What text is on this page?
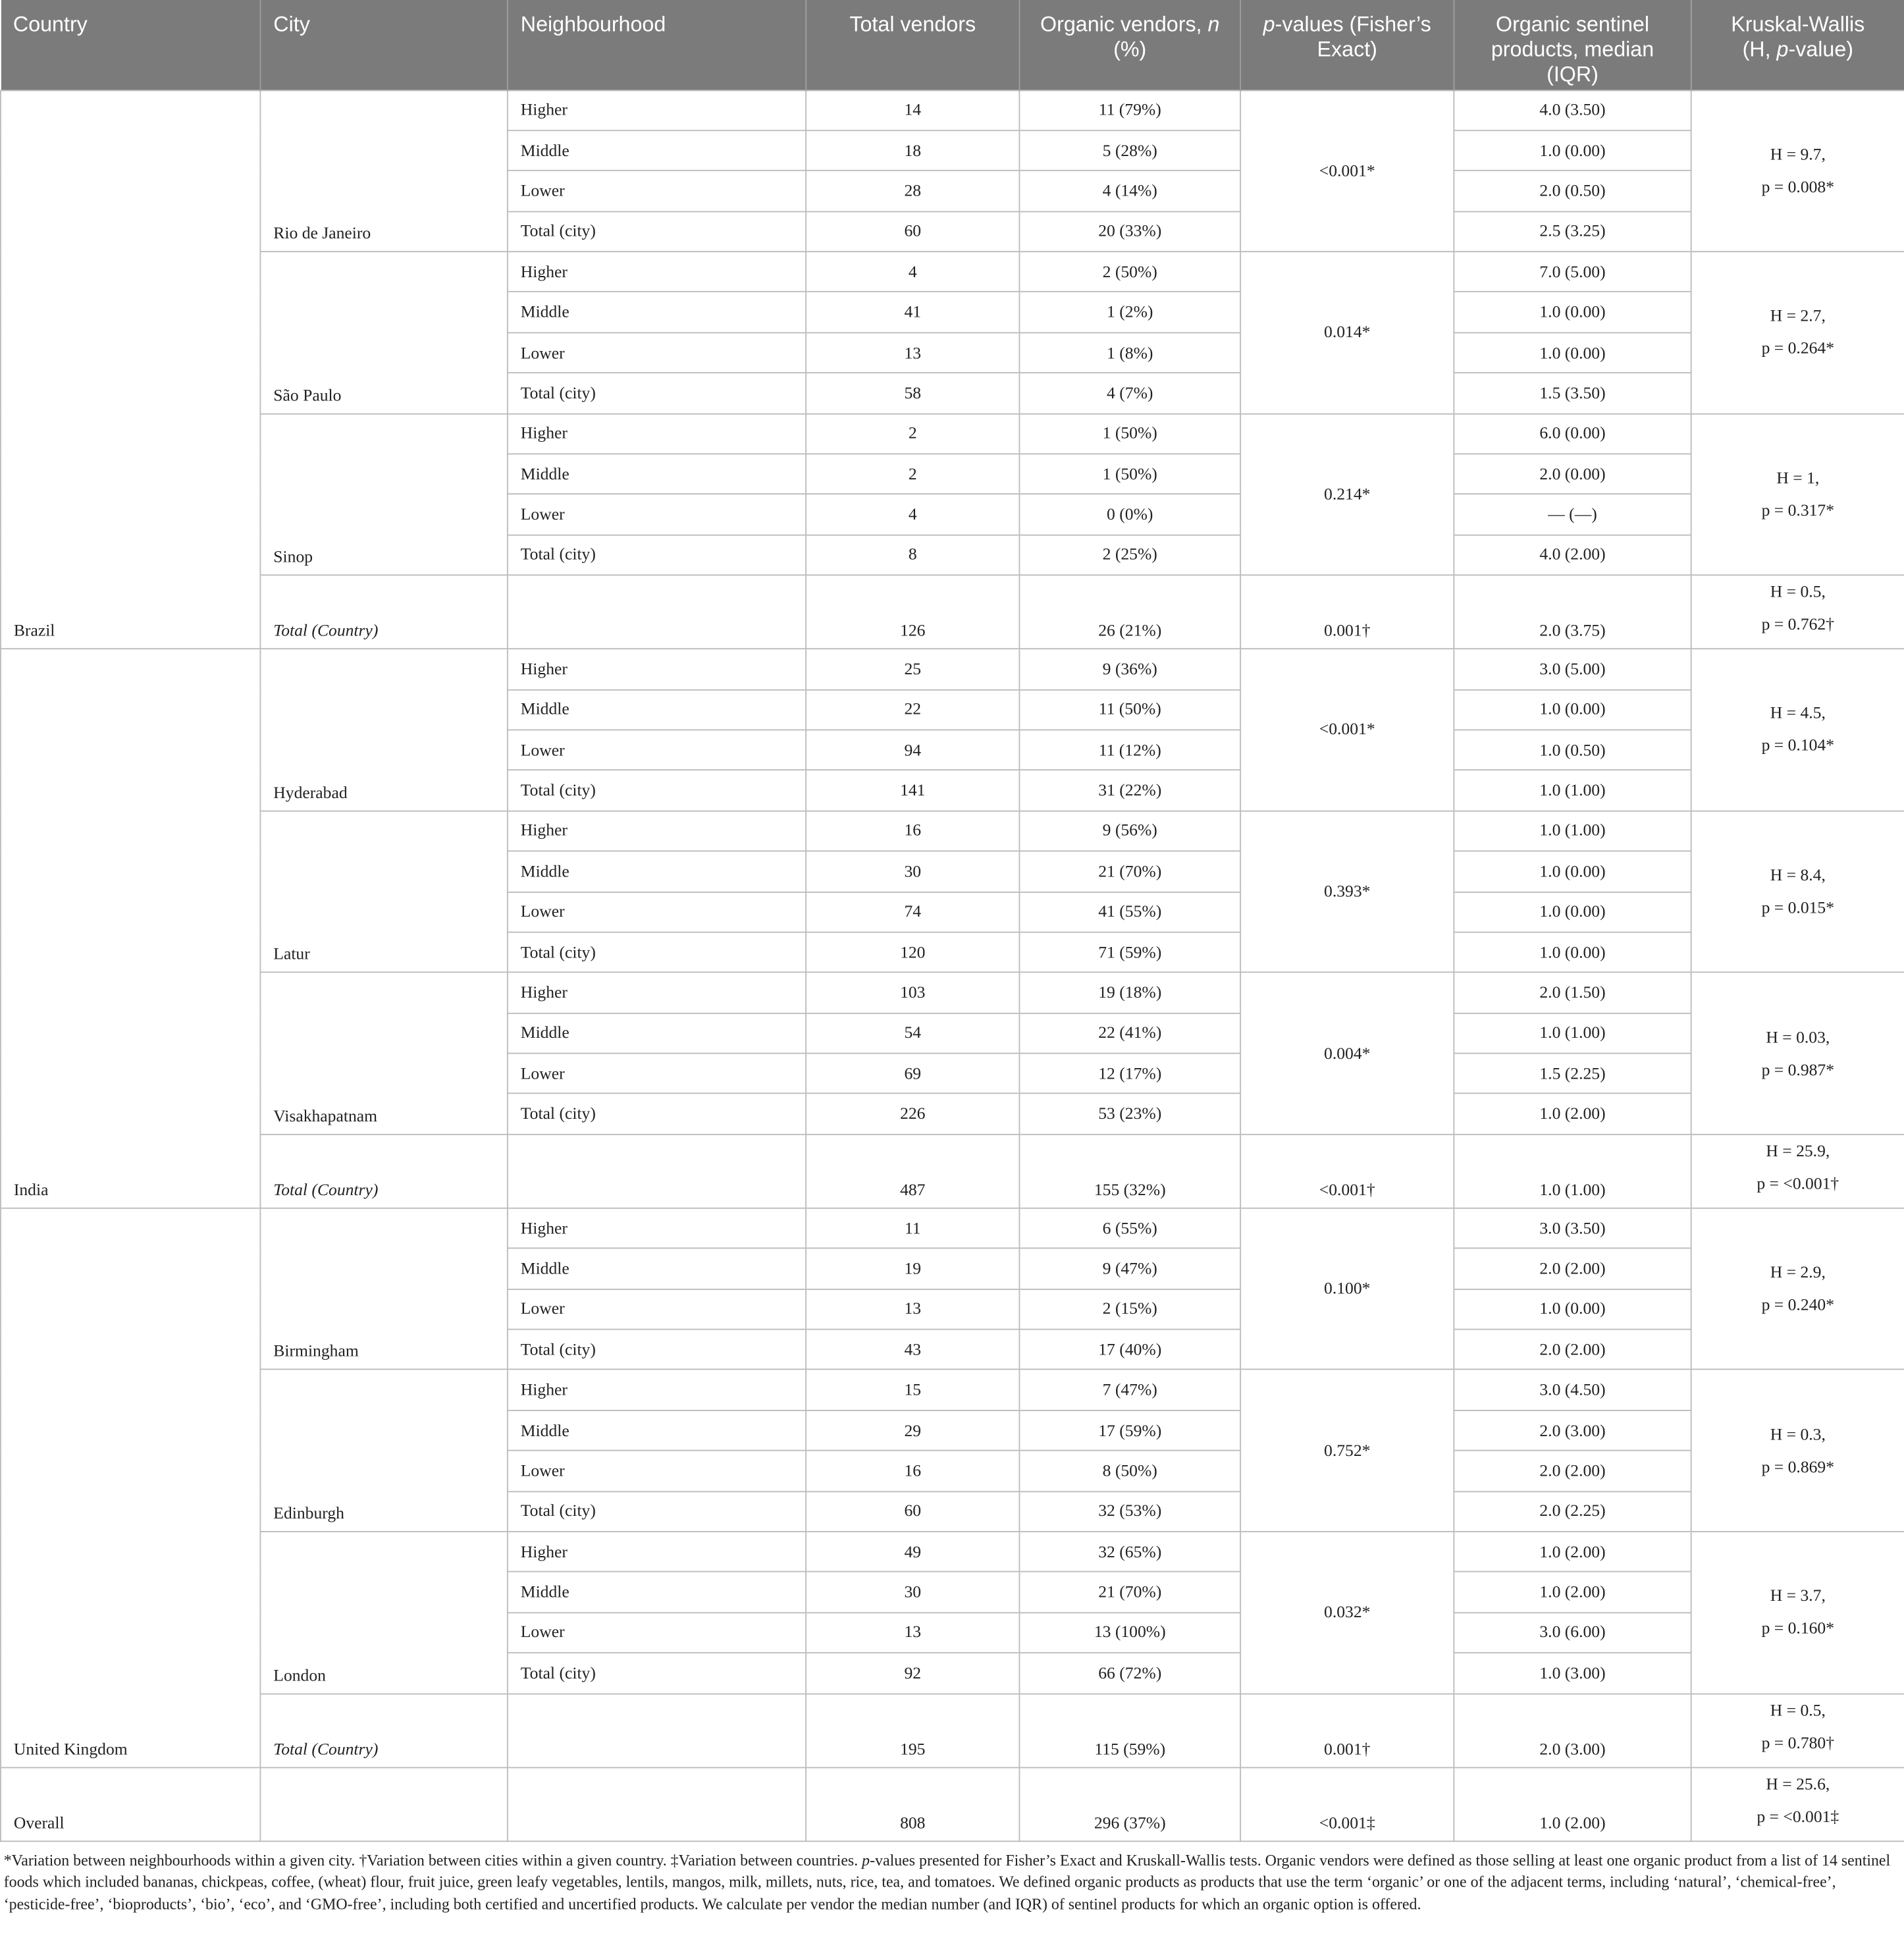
Country	City	Neighbourhood	Total vendors	Organic vendors, n (%)	p-values (Fisher’s Exact)	Organic sentinel products, median (IQR)	Kruskal-Wallis
(H, p-value)
Brazil	Rio de Janeiro	Higher	14	11 (79%)	<0.001*	4.0 (3.50)	H = 9.7,
p = 0.008*
		Middle	18	5 (28%)		1.0 (0.00)	
		Lower	28	4 (14%)		2.0 (0.50)	
		Total (city)	60	20 (33%)		2.5 (3.25)	
	São Paulo	Higher	4	2 (50%)	0.014*	7.0 (5.00)	H = 2.7,
p = 0.264*
		Middle	41	1 (2%)		1.0 (0.00)	
		Lower	13	1 (8%)		1.0 (0.00)	
		Total (city)	58	4 (7%)		1.5 (3.50)	
	Sinop	Higher	2	1 (50%)	0.214*	6.0 (0.00)	H = 1,
p = 0.317*
		Middle	2	1 (50%)		2.0 (0.00)	
		Lower	4	0 (0%)		— (—)	
		Total (city)	8	2 (25%)		4.0 (2.00)	
	Total (Country)		126	26 (21%)	0.001†	2.0 (3.75)	H = 0.5,
p = 0.762†
India	Hyderabad	Higher	25	9 (36%)	<0.001*	3.0 (5.00)	H = 4.5,
p = 0.104*
		Middle	22	11 (50%)		1.0 (0.00)	
		Lower	94	11 (12%)		1.0 (0.50)	
		Total (city)	141	31 (22%)		1.0 (1.00)	
	Latur	Higher	16	9 (56%)	0.393*	1.0 (1.00)	H = 8.4,
p = 0.015*
		Middle	30	21 (70%)		1.0 (0.00)	
		Lower	74	41 (55%)		1.0 (0.00)	
		Total (city)	120	71 (59%)		1.0 (0.00)	
	Visakhapatnam	Higher	103	19 (18%)	0.004*	2.0 (1.50)	H = 0.03,
p = 0.987*
		Middle	54	22 (41%)		1.0 (1.00)	
		Lower	69	12 (17%)		1.5 (2.25)	
		Total (city)	226	53 (23%)		1.0 (2.00)	
	Total (Country)		487	155 (32%)	<0.001†	1.0 (1.00)	H = 25.9,
p = <0.001†
United Kingdom	Birmingham	Higher	11	6 (55%)	0.100*	3.0 (3.50)	H = 2.9,
p = 0.240*
		Middle	19	9 (47%)		2.0 (2.00)	
		Lower	13	2 (15%)		1.0 (0.00)	
		Total (city)	43	17 (40%)		2.0 (2.00)	
	Edinburgh	Higher	15	7 (47%)	0.752*	3.0 (4.50)	H = 0.3,
p = 0.869*
		Middle	29	17 (59%)		2.0 (3.00)	
		Lower	16	8 (50%)		2.0 (2.00)	
		Total (city)	60	32 (53%)		2.0 (2.25)	
	London	Higher	49	32 (65%)	0.032*	1.0 (2.00)	H = 3.7,
p = 0.160*
		Middle	30	21 (70%)		1.0 (2.00)	
		Lower	13	13 (100%)		3.0 (6.00)	
		Total (city)	92	66 (72%)		1.0 (3.00)	
	Total (Country)		195	115 (59%)	0.001†	2.0 (3.00)	H = 0.5,
p = 0.780†
Overall			808	296 (37%)	<0.001‡	1.0 (2.00)	H = 25.6,
p = <0.001‡
*Variation between neighbourhoods within a given city. †Variation between cities within a given country. ‡Variation between countries. p-values presented for Fisher’s Exact and Kruskall-Wallis tests. Organic vendors were defined as those selling at least one organic product from a list of 14 sentinel foods which included bananas, chickpeas, coffee, (wheat) flour, fruit juice, green leafy vegetables, lentils, mangos, milk, millets, nuts, rice, tea, and tomatoes. We defined organic products as products that use the term ‘organic’ or one of the adjacent terms, including ‘natural’, ‘chemical-free’, ‘pesticide-free’, ‘bioproducts’, ‘bio’, ‘eco’, and ‘GMO-free’, including both certified and uncertified products. We calculate per vendor the median number (and IQR) of sentinel products for which an organic option is offered.
